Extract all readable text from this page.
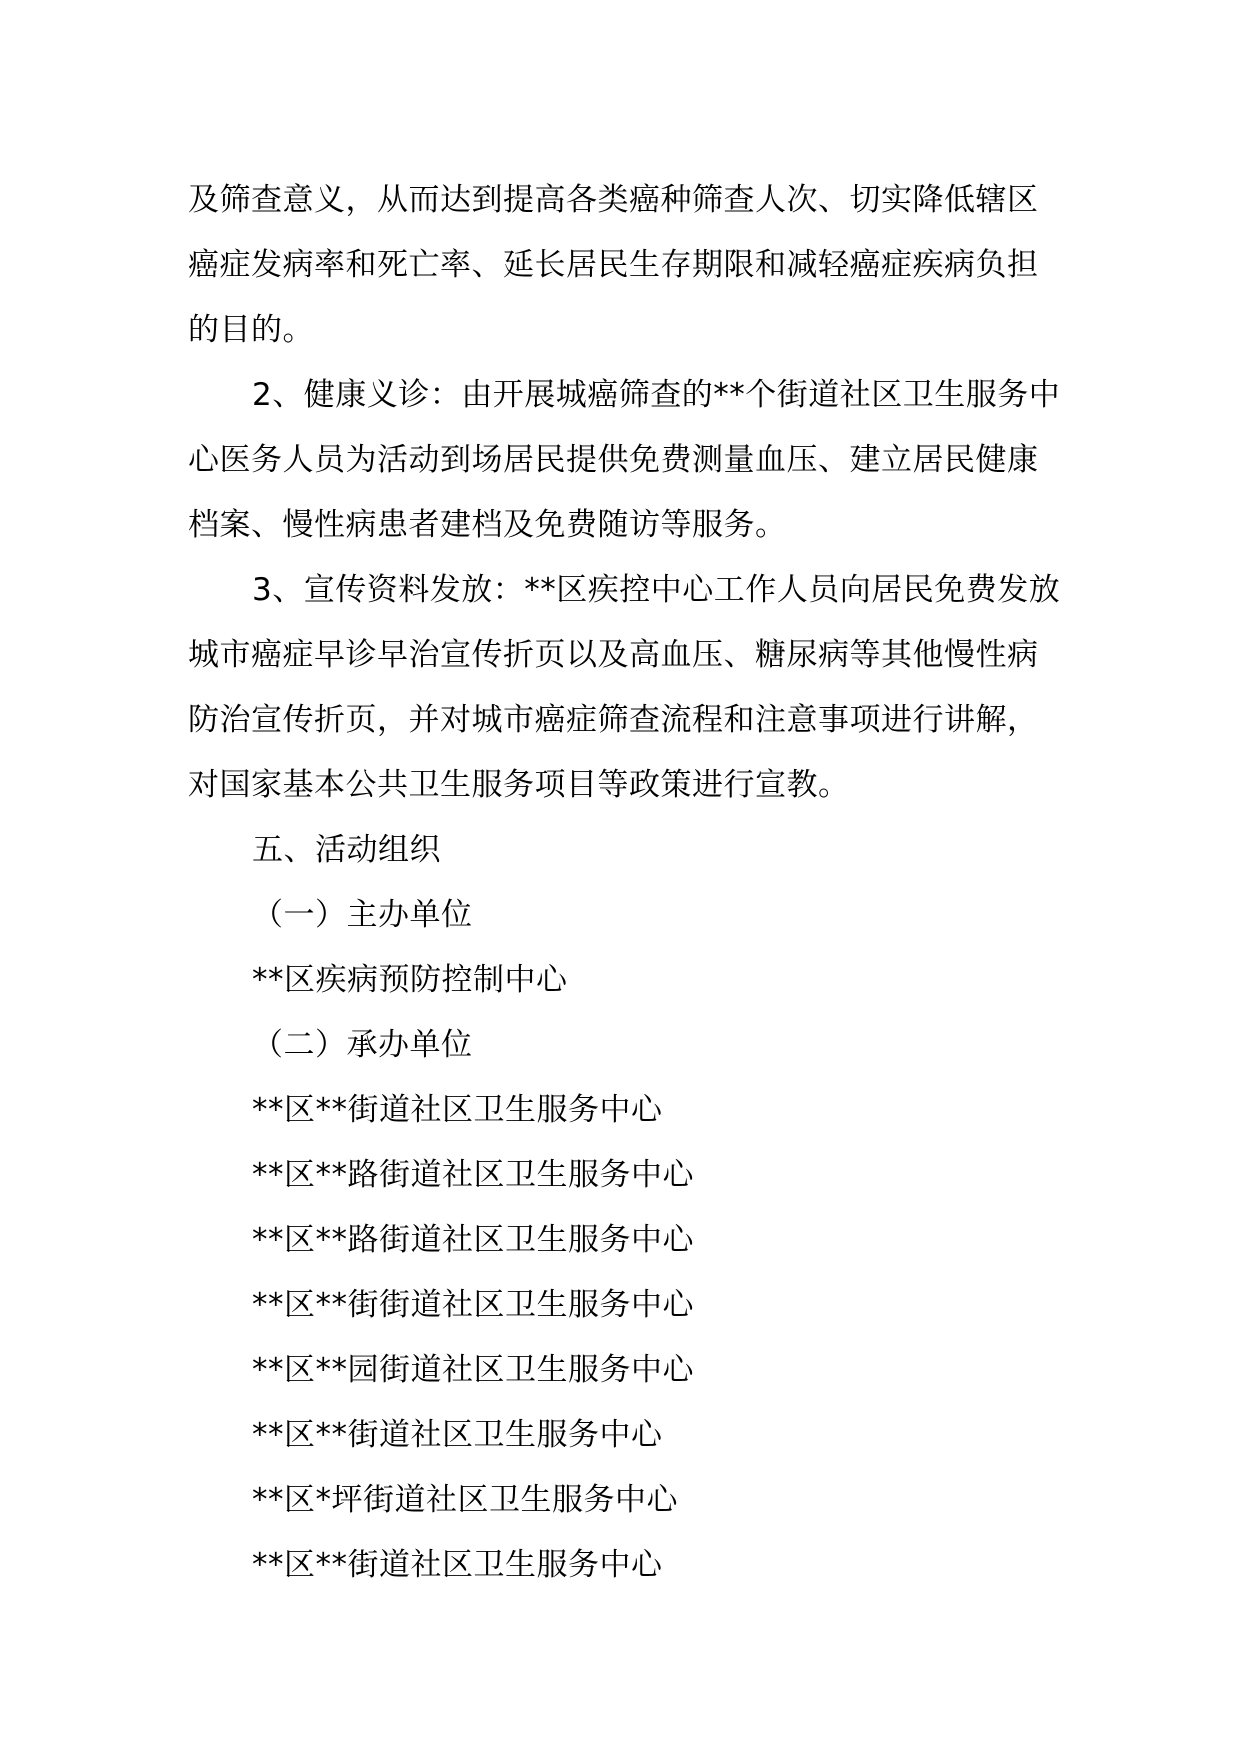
及筛查意义，从而达到提高各类癌种筛查人次、切实降低辖区
癌症发病率和死亡率、延长居民生存期限和减轻癌症疾病负担
的目的。
2、健康义诊：由开展城癌筛查的**个街道社区卫生服务中
心医务人员为活动到场居民提供免费测量血压、建立居民健康
档案、慢性病患者建档及免费随访等服务。
3、宣传资料发放：**区疾控中心工作人员向居民免费发放
城市癌症早诊早治宣传折页以及高血压、糖尿病等其他慢性病
防治宣传折页，并对城市癌症筛查流程和注意事项进行讲解，
对国家基本公共卫生服务项目等政策进行宣教。
五、活动组织
（一）主办单位
**区疾病预防控制中心
（二）承办单位
**区**街道社区卫生服务中心
**区**路街道社区卫生服务中心
**区**路街道社区卫生服务中心
**区**街街道社区卫生服务中心
**区**园街道社区卫生服务中心
**区**街道社区卫生服务中心
**区*坪街道社区卫生服务中心
**区**街道社区卫生服务中心
